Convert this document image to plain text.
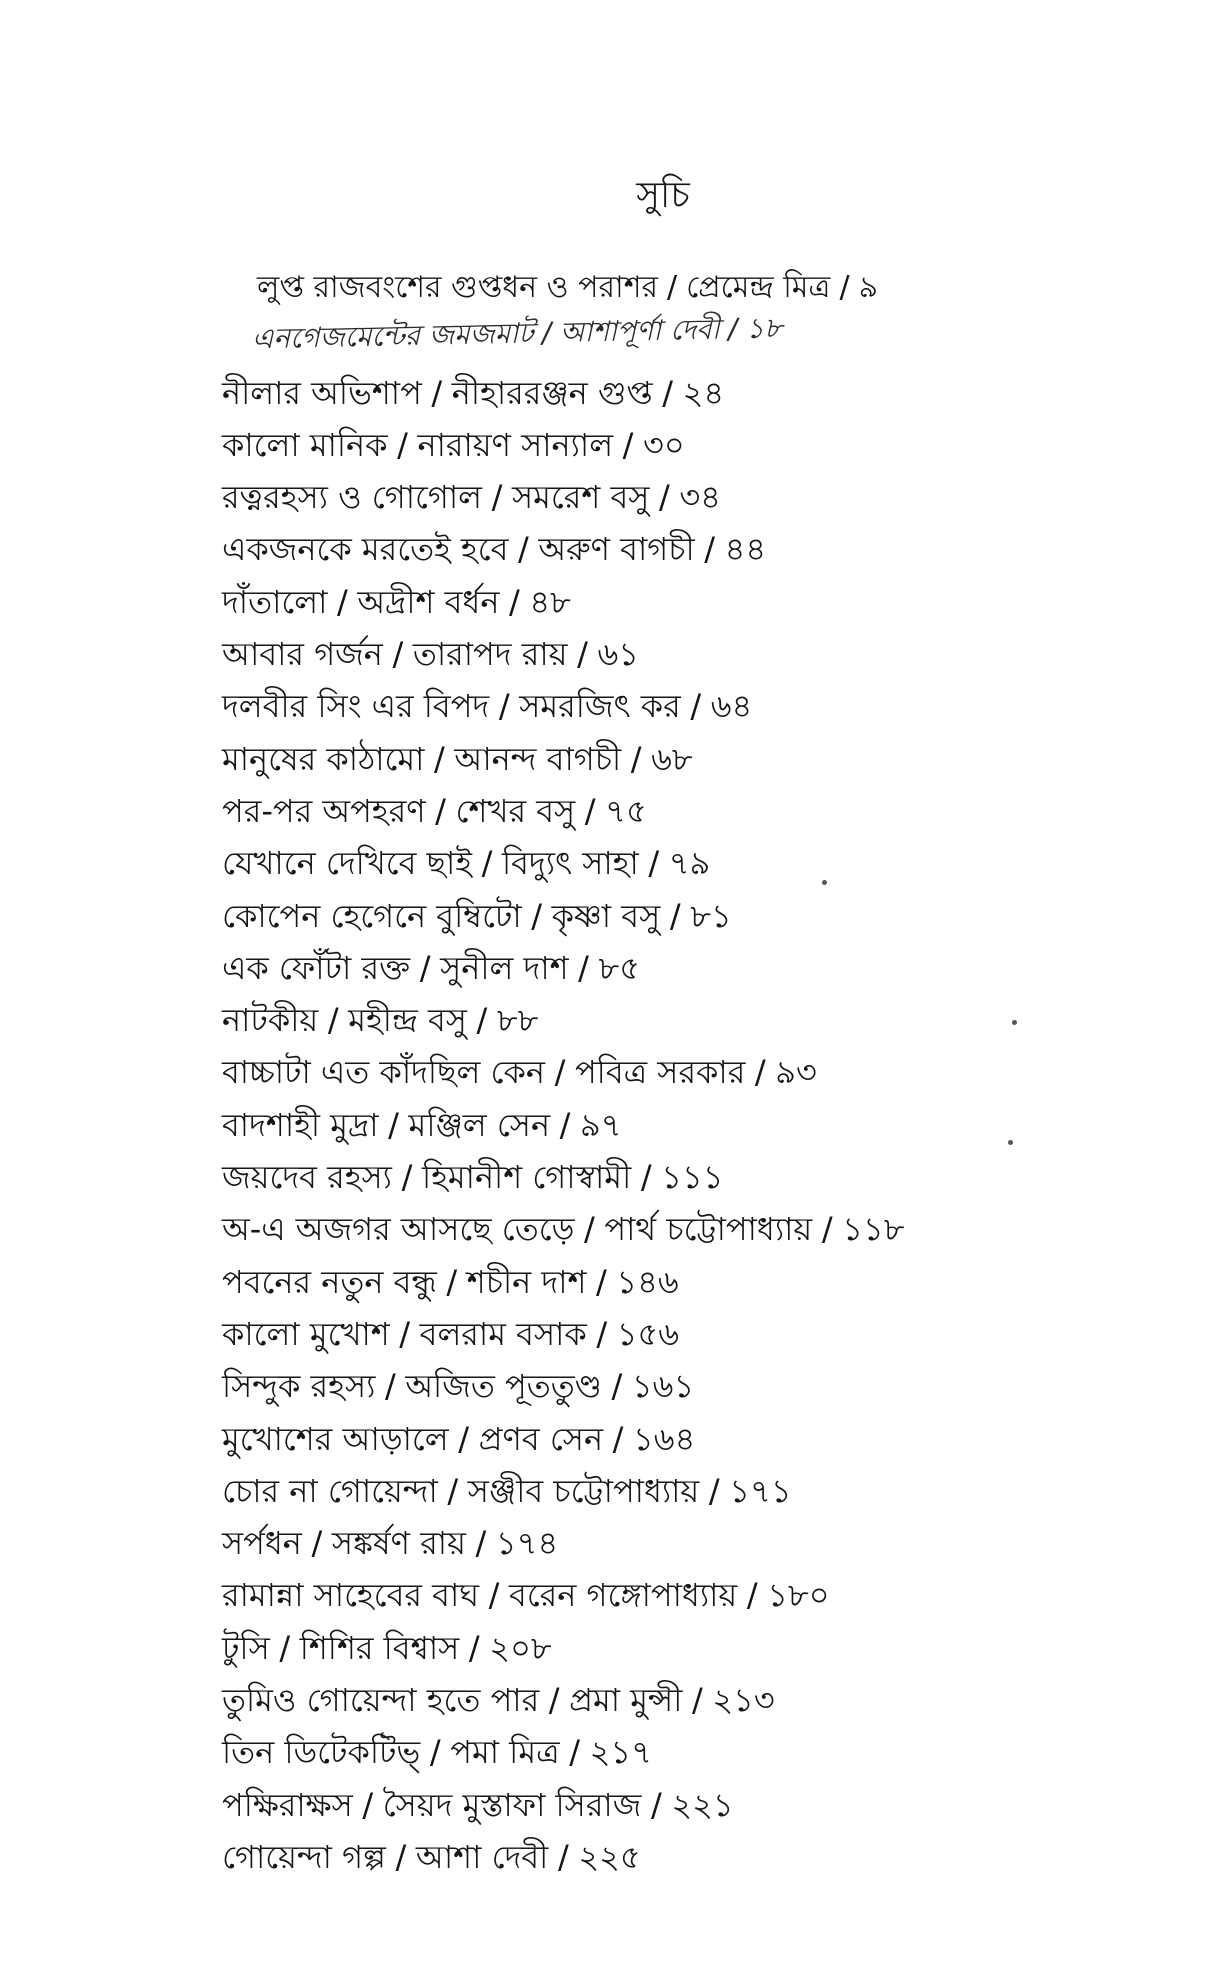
সুচি
লুপ্ত রাজবংশের গুপ্তধন ও পরাশর / প্রেমেন্দ্র মিত্র / ৯
এনগেজমেন্টের জমজমাট / আশাপূর্ণা দেবী / ১৮
নীলার অভিশাপ / নীহাররঞ্জন গুপ্ত / ২৪
কালো মানিক / নারায়ণ সান্যাল / ৩০
রত্নরহস্য ও গোগোল / সমরেশ বসু / ৩৪
একজনকে মরতেই হবে / অরুণ বাগচী / ৪৪
দাঁতালো / অদ্রীশ বর্ধন / ৪৮
আবার গর্জন / তারাপদ রায় / ৬১
দলবীর সিং এর বিপদ / সমরজিৎ কর / ৬৪
মানুষের কাঠামো / আনন্দ বাগচী / ৬৮
পর-পর অপহরণ / শেখর বসু / ৭৫
যেখানে দেখিবে ছাই / বিদ্যুৎ সাহা / ৭৯
কোপেন হেগেনে বুম্বিটো / কৃষ্ণা বসু / ৮১
এক ফোঁটা রক্ত / সুনীল দাশ / ৮৫
নাটকীয় / মহীন্দ্র বসু / ৮৮
বাচ্চাটা এত কাঁদছিল কেন / পবিত্র সরকার / ৯৩
বাদশাহী মুদ্রা / মঞ্জিল সেন / ৯৭
জয়দেব রহস্য / হিমানীশ গোস্বামী / ১১১
অ-এ অজগর আসছে তেড়ে / পার্থ চট্টোপাধ্যায় / ১১৮
পবনের নতুন বন্ধু / শচীন দাশ / ১৪৬
কালো মুখোশ / বলরাম বসাক / ১৫৬
সিন্দুক রহস্য / অজিত পূততুণ্ড / ১৬১
মুখোশের আড়ালে / প্রণব সেন / ১৬৪
চোর না গোয়েন্দা / সঞ্জীব চট্টোপাধ্যায় / ১৭১
সর্পধন / সঙ্কর্ষণ রায় / ১৭৪
রামান্না সাহেবের বাঘ / বরেন গঙ্গোপাধ্যায় / ১৮০
টুসি / শিশির বিশ্বাস / ২০৮
তুমিও গোয়েন্দা হতে পার / প্রমা মুন্সী / ২১৩
তিন ডিটেকটিভ্ / পমা মিত্র / ২১৭
পক্ষিরাক্ষস / সৈয়দ মুস্তাফা সিরাজ / ২২১
গোয়েন্দা গল্প / আশা দেবী / ২২৫
